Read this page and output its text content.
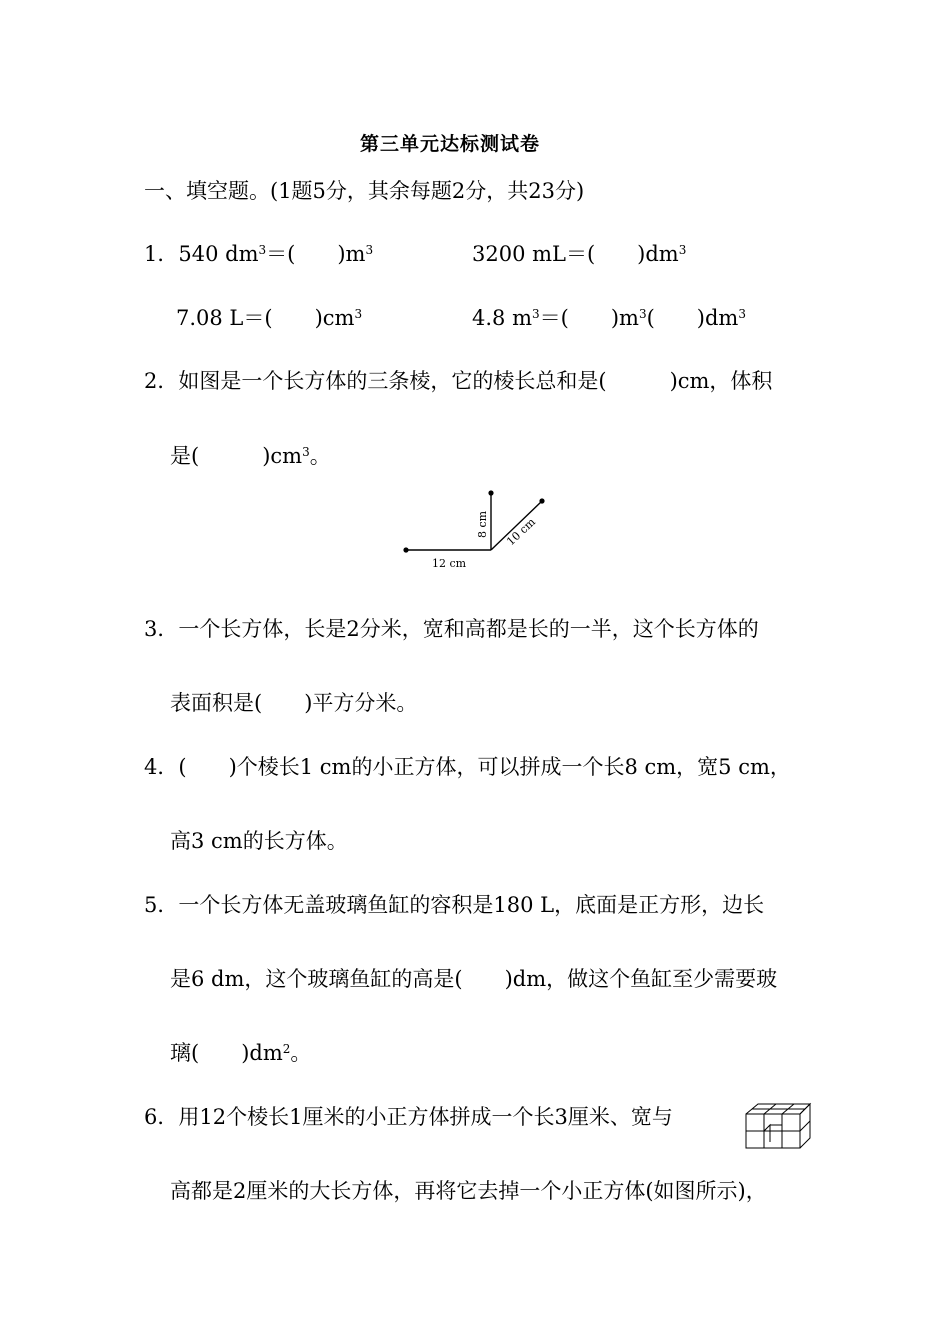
第三单元达标测试卷
一、填空题。(1题5分，其余每题2分，共23分)
1．540 $dm^3=$(　　)$m^3$	3200 mL＝(　　)$dm^3$
7.08 L＝(　　)$cm^3$	4.8 $m^3=$(　　)$m^3$(　　)$dm^3$
2．如图是一个长方体的三条棱，它的棱长总和是(　　　)cm，体积
是(　　　)$cm^3$。
8 cm 10 cm
12 cm
3．一个长方体，长是2分米，宽和高都是长的一半，这个长方体的
表面积是(　　)平方分米。
4．(　　)个棱长1 cm的小正方体，可以拼成一个长8 cm，宽5 cm，
高3 cm的长方体。
5．一个长方体无盖玻璃鱼缸的容积是180 L，底面是正方形，边长
是6 dm，这个玻璃鱼缸的高是(　　)dm，做这个鱼缸至少需要玻
璃(　　)$dm^2$。
6．用12个棱长1厘米的小正方体拼成一个长3厘米、宽与
高都是2厘米的大长方体，再将它去掉一个小正方体(如图所示)，
